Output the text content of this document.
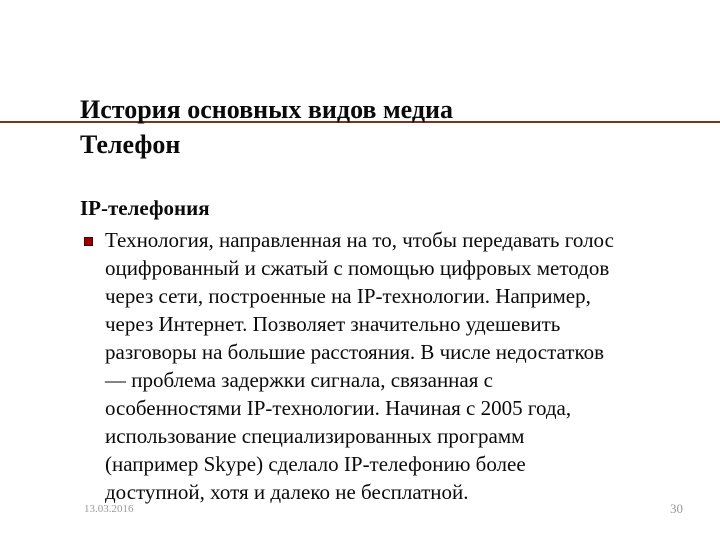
История основных видов медиа
Телефон
13.03.2016	30
IP-телефония
Технология, направленная на то, чтобы передавать голос
оцифрованный и сжатый с помощью цифровых методов
через сети, построенные на IP-технологии. Например,
через Интернет. Позволяет значительно удешевить
разговоры на большие расстояния. В числе недостатков
— проблема задержки сигнала, связанная с
особенностями IP-технологии. Начиная с 2005 года,
использование специализированных программ
(например Skype) сделало IP-телефонию более
доступной, хотя и далеко не бесплатной.
